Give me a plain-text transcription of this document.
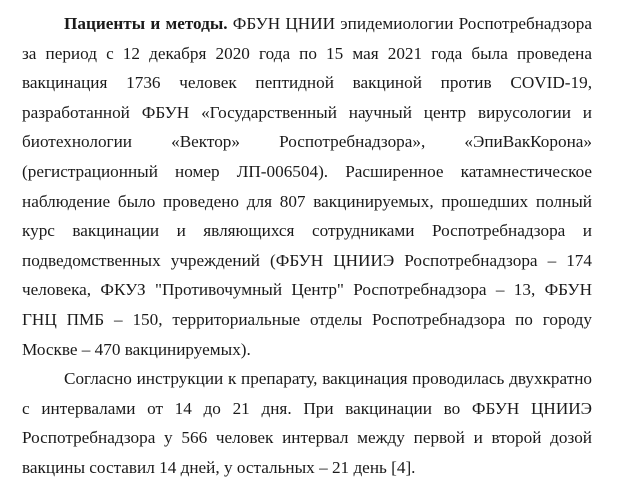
Пациенты и методы. ФБУН ЦНИИ эпидемиологии Роспотребнадзора за период с 12 декабря 2020 года по 15 мая 2021 года была проведена вакцинация 1736 человек пептидной вакциной против COVID-19, разработанной ФБУН «Государственный научный центр вирусологии и биотехнологии «Вектор» Роспотребнадзора», «ЭпиВакКорона» (регистрационный номер ЛП-006504). Расширенное катамнестическое наблюдение было проведено для 807 вакцинируемых, прошедших полный курс вакцинации и являющихся сотрудниками Роспотребнадзора и подведомственных учреждений (ФБУН ЦНИИЭ Роспотребнадзора – 174 человека, ФКУЗ "Противочумный Центр" Роспотребнадзора – 13, ФБУН ГНЦ ПМБ – 150, территориальные отделы Роспотребнадзора по городу Москве – 470 вакцинируемых).

Согласно инструкции к препарату, вакцинация проводилась двухкратно с интервалами от 14 до 21 дня. При вакцинации во ФБУН ЦНИИЭ Роспотребнадзора у 566 человек интервал между первой и второй дозой вакцины составил 14 дней, у остальных – 21 день [4].
